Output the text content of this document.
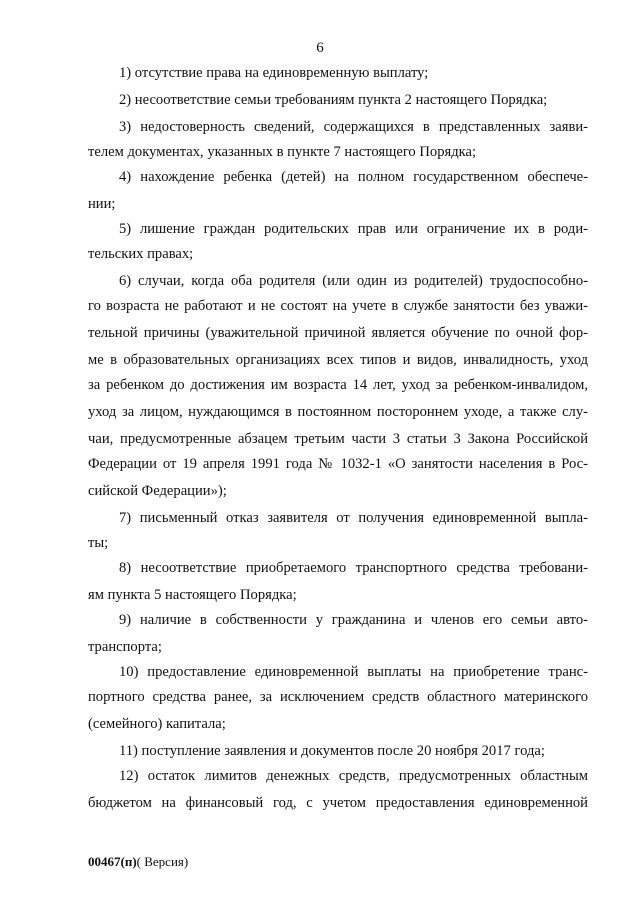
6
1) отсутствие права на единовременную выплату;
2) несоответствие семьи требованиям пункта 2 настоящего Порядка;
3) недостоверность сведений, содержащихся в представленных заяви-
телем документах, указанных в пункте 7 настоящего Порядка;
4) нахождение ребенка (детей) на полном государственном обеспече-
нии;
5) лишение граждан родительских прав или ограничение их в роди-
тельских правах;
6) случаи, когда оба родителя (или один из родителей) трудоспособно-
го возраста не работают и не состоят на учете в службе занятости без уважи-
тельной причины (уважительной причиной является обучение по очной фор-
ме в образовательных организациях всех типов и видов, инвалидность, уход
за ребенком до достижения им возраста 14 лет, уход за ребенком-инвалидом,
уход за лицом, нуждающимся в постоянном постороннем уходе, а также слу-
чаи, предусмотренные абзацем третьим части 3 статьи 3 Закона Российской
Федерации от 19 апреля 1991 года № 1032-1 «О занятости населения в Рос-
сийской Федерации»);
7) письменный отказ заявителя от получения единовременной выпла-
ты;
8) несоответствие приобретаемого транспортного средства требовани-
ям пункта 5 настоящего Порядка;
9) наличие в собственности у гражданина и членов его семьи авто-
транспорта;
10) предоставление единовременной выплаты на приобретение транс-
портного средства ранее, за исключением средств областного материнского
(семейного) капитала;
11) поступление заявления и документов после 20 ноября 2017 года;
12) остаток лимитов денежных средств, предусмотренных областным
бюджетом на финансовый год, с учетом предоставления единовременной
00467(п)( Версия)
